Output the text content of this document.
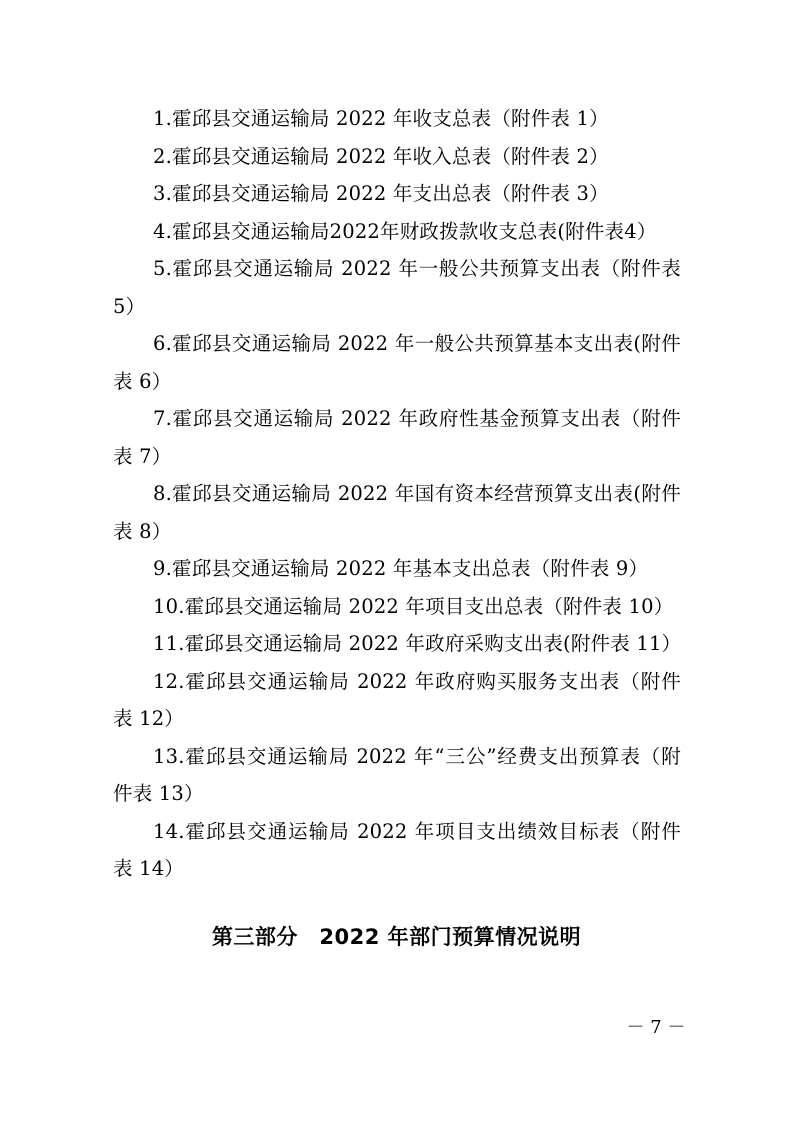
1.霍邱县交通运输局 2022 年收支总表（附件表 1）
2.霍邱县交通运输局 2022 年收入总表（附件表 2）
3.霍邱县交通运输局 2022 年支出总表（附件表 3）
4.霍邱县交通运输局2022年财政拨款收支总表(附件表4）
5.霍邱县交通运输局 2022 年一般公共预算支出表（附件表 5）
6.霍邱县交通运输局 2022 年一般公共预算基本支出表(附件表 6）
7.霍邱县交通运输局 2022 年政府性基金预算支出表（附件表 7）
8.霍邱县交通运输局 2022 年国有资本经营预算支出表(附件表 8）
9.霍邱县交通运输局 2022 年基本支出总表（附件表 9）
10.霍邱县交通运输局 2022 年项目支出总表（附件表 10）
11.霍邱县交通运输局 2022 年政府采购支出表(附件表 11）
12.霍邱县交通运输局 2022 年政府购买服务支出表（附件表 12）
13.霍邱县交通运输局 2022 年“三公”经费支出预算表（附件表 13）
14.霍邱县交通运输局 2022 年项目支出绩效目标表（附件表 14）
第三部分　2022 年部门预算情况说明
－ 7 －
